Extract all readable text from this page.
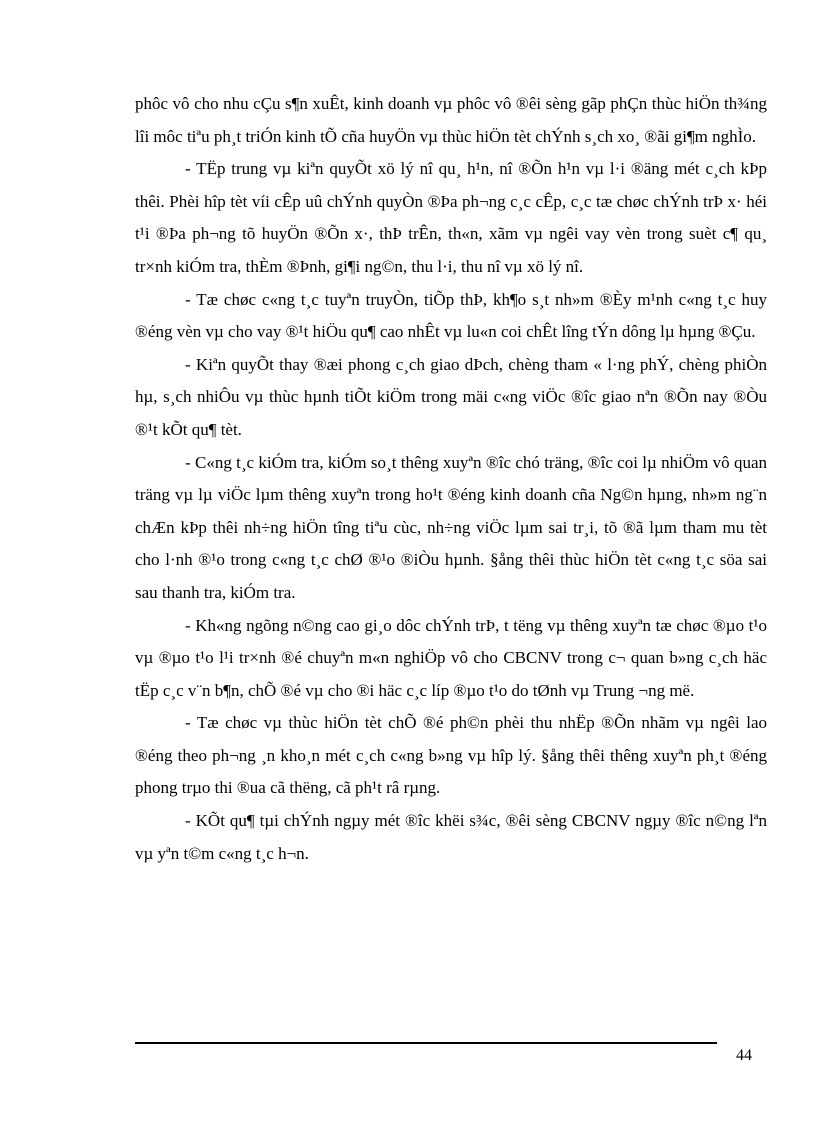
phôc vô cho nhu cÇu s¶n xuÊt, kinh doanh vµ phôc vô ®êi sèng gãp phÇn thùc hiÖn th¾ng lîi môc tiªu ph¸t triÓn kinh tÕ cña huyÖn vµ thùc hiÖn tèt chÝnh s¸ch xo¸ ®ãi gi¶m nghÌo.

- TËp trung vµ kiªn quyÕt xö lý nî qu¸ h¹n, nî ®Õn h¹n vµ l·i ®äng mét c¸ch kÞp thêi. Phèi hîp tèt víi cÊp uû chÝnh quyÒn ®Þa ph¬ng c¸c cÊp, c¸c tæ chøc chÝnh trÞ x· héi t¹i ®Þa ph¬ng tõ huyÖn ®Õn x·, thÞ trÊn, th«n, xãm vµ ngêi vay vèn trong suèt c¶ qu¸ tr×nh kiÓm tra, thÈm ®Þnh, gi¶i ng©n, thu l·i, thu nî vµ xö lý nî.

- Tæ chøc c«ng t¸c tuyªn truyÒn, tiÕp thÞ, kh¶o s¸t nh»m ®Èy m¹nh c«ng t¸c huy ®éng vèn vµ cho vay ®¹t hiÖu qu¶ cao nhÊt vµ lu«n coi chÊt lîng tÝn dông lµ hµng ®Çu.

- Kiªn quyÕt thay ®æi phong c¸ch giao dÞch, chèng tham « l·ng phÝ, chèng phiÒn hµ, s¸ch nhiÔu vµ thùc hµnh tiÕt kiÖm trong mäi c«ng viÖc ®îc giao nªn ®Õn nay ®Òu ®¹t kÕt qu¶ tèt.

- C«ng t¸c kiÓm tra, kiÓm so¸t thêng xuyªn ®îc chó träng, ®îc coi lµ nhiÖm vô quan träng vµ lµ viÖc lµm thêng xuyªn trong ho¹t ®éng kinh doanh cña Ng©n hµng, nh»m ng¨n chÆn kÞp thêi nh÷ng hiÖn tîng tiªu cùc, nh÷ng viÖc lµm sai tr¸i, tõ ®ã lµm tham mu tèt cho l·nh ®¹o trong c«ng t¸c chØ ®¹o ®iÒu hµnh. §ång thêi thùc hiÖn tèt c«ng t¸c söa sai sau thanh tra, kiÓm tra.

- Kh«ng ngõng n©ng cao gi¸o dôc chÝnh trÞ, t tëng vµ thêng xuyªn tæ chøc ®µo t¹o vµ ®µo t¹o l¹i tr×nh ®é chuyªn m«n nghiÖp vô cho CBCNV trong c¬ quan b»ng c¸ch häc tËp c¸c v¨n b¶n, chÕ ®é vµ cho ®i häc c¸c líp ®µo t¹o do tØnh vµ Trung ¬ng më.

- Tæ chøc vµ thùc hiÖn tèt chÕ ®é ph©n phèi thu nhËp ®Õn nhãm vµ ngêi lao ®éng theo ph¬ng ¸n kho¸n mét c¸ch c«ng b»ng vµ hîp lý. §ång thêi thêng xuyªn ph¸t ®éng phong trµo thi ®ua cã thëng, cã ph¹t râ rµng.

- KÕt qu¶ tµi chÝnh ngµy mét ®îc khëi s¾c, ®êi sèng CBCNV ngµy ®îc n©ng lªn vµ yªn t©m c«ng t¸c h¬n.

44
